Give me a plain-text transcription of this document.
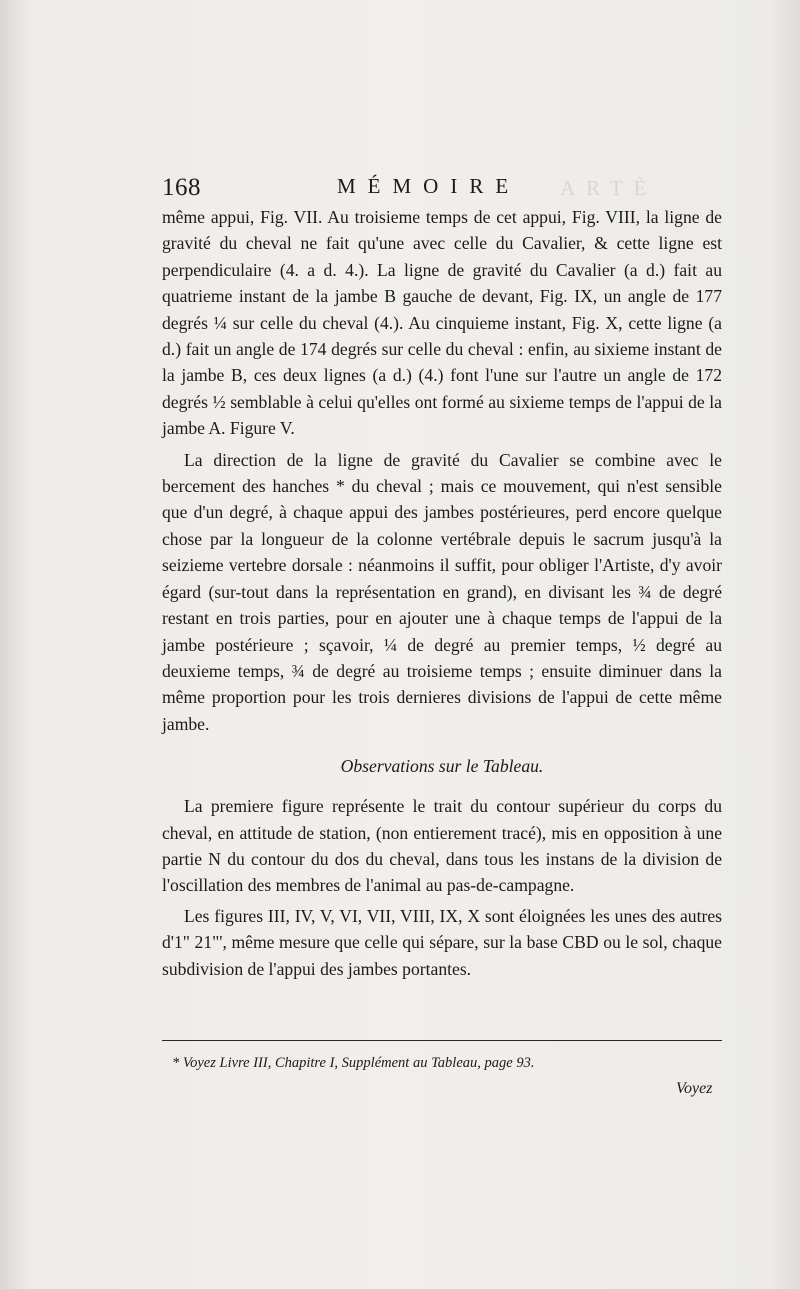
ARTÈ
168	MÉMOIRE

même appui, Fig. VII. Au troisieme temps de cet appui, Fig. VIII, la ligne de gravité du cheval ne fait qu'une avec celle du Cavalier, & cette ligne est perpendiculaire (4. a d. 4.). La ligne de gravité du Cavalier (a d.) fait au quatrieme instant de la jambe B gauche de devant, Fig. IX, un angle de 177 degrés ¼ sur celle du cheval (4.). Au cinquieme instant, Fig. X, cette ligne (a d.) fait un angle de 174 degrés sur celle du cheval : enfin, au sixieme instant de la jambe B, ces deux lignes (a d.) (4.) font l'une sur l'autre un angle de 172 degrés ½ semblable à celui qu'elles ont formé au sixieme temps de l'appui de la jambe A. Figure V.

La direction de la ligne de gravité du Cavalier se combine avec le bercement des hanches * du cheval ; mais ce mouvement, qui n'est sensible que d'un degré, à chaque appui des jambes postérieures, perd encore quelque chose par la longueur de la colonne vertébrale depuis le sacrum jusqu'à la seizieme vertebre dorsale : néanmoins il suffit, pour obliger l'Artiste, d'y avoir égard (sur-tout dans la représentation en grand), en divisant les ¾ de degré restant en trois parties, pour en ajouter une à chaque temps de l'appui de la jambe postérieure ; sçavoir, ¼ de degré au premier temps, ½ degré au deuxieme temps, ¾ de degré au troisieme temps ; ensuite diminuer dans la même proportion pour les trois dernieres divisions de l'appui de cette même jambe.

Observations sur le Tableau.

La premiere figure représente le trait du contour supérieur du corps du cheval, en attitude de station, (non entierement tracé), mis en opposition à une partie N du contour du dos du cheval, dans tous les instans de la division de l'oscillation des membres de l'animal au pas-de-campagne.

Les figures III, IV, V, VI, VII, VIII, IX, X sont éloignées les unes des autres d'1" 21"', même mesure que celle qui sépare, sur la base CBD ou le sol, chaque subdivision de l'appui des jambes portantes.

* Voyez Livre III, Chapitre I, Supplément au Tableau, page 93.
Voyez
